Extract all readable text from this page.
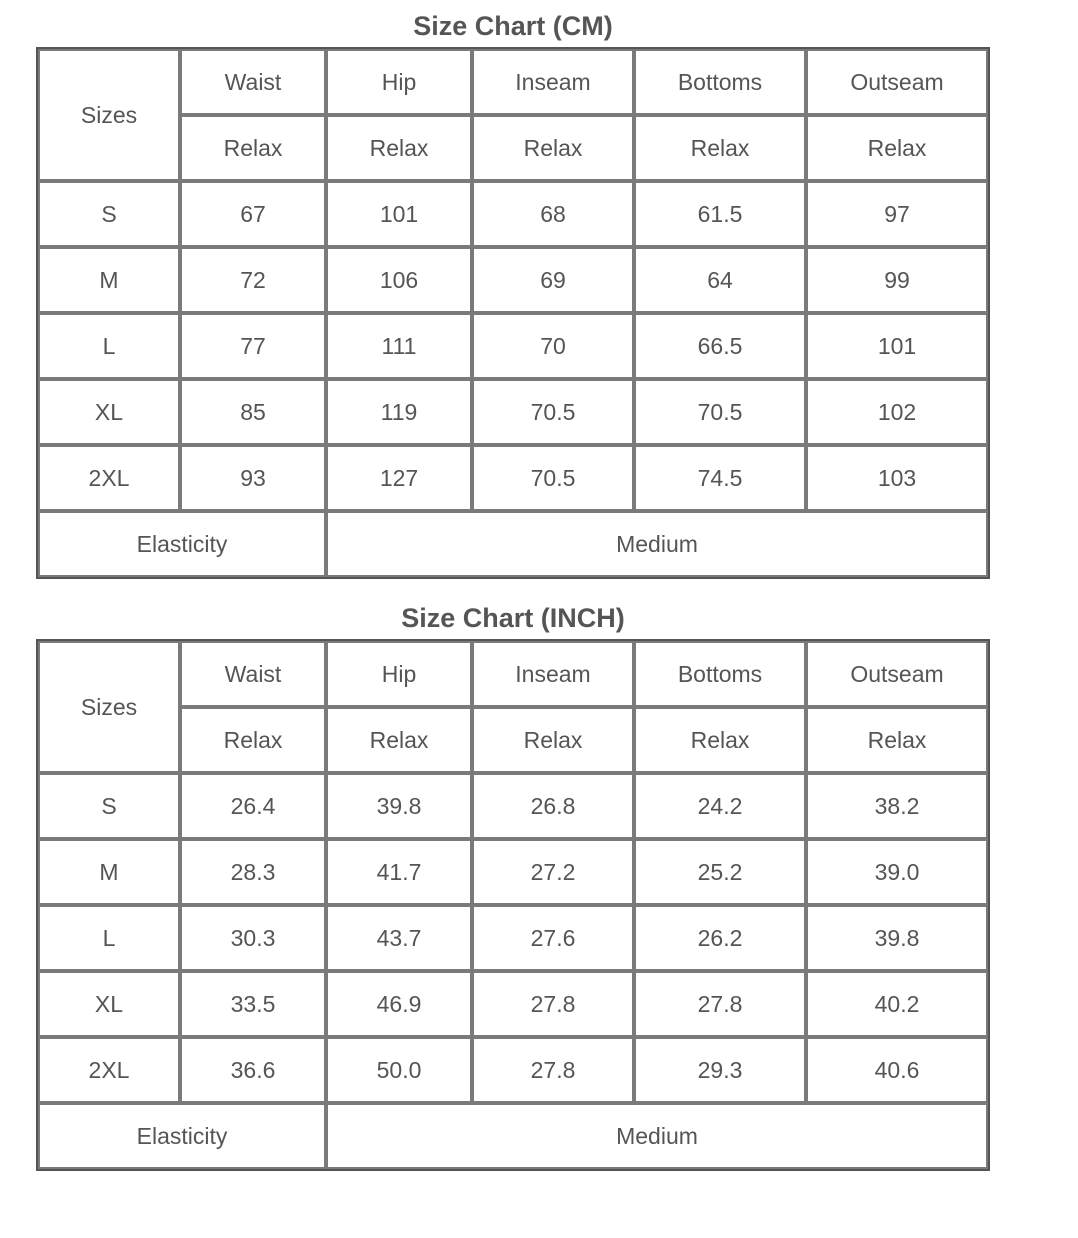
Size Chart (CM)
Sizes	Waist	Hip	Inseam	Bottoms	Outseam
	Relax	Relax	Relax	Relax	Relax
S	67	101	68	61.5	97
M	72	106	69	64	99
L	77	111	70	66.5	101
XL	85	119	70.5	70.5	102
2XL	93	127	70.5	74.5	103
Elasticity		Medium			
Size Chart (INCH)
Sizes	Waist	Hip	Inseam	Bottoms	Outseam
	Relax	Relax	Relax	Relax	Relax
S	26.4	39.8	26.8	24.2	38.2
M	28.3	41.7	27.2	25.2	39.0
L	30.3	43.7	27.6	26.2	39.8
XL	33.5	46.9	27.8	27.8	40.2
2XL	36.6	50.0	27.8	29.3	40.6
Elasticity		Medium			
